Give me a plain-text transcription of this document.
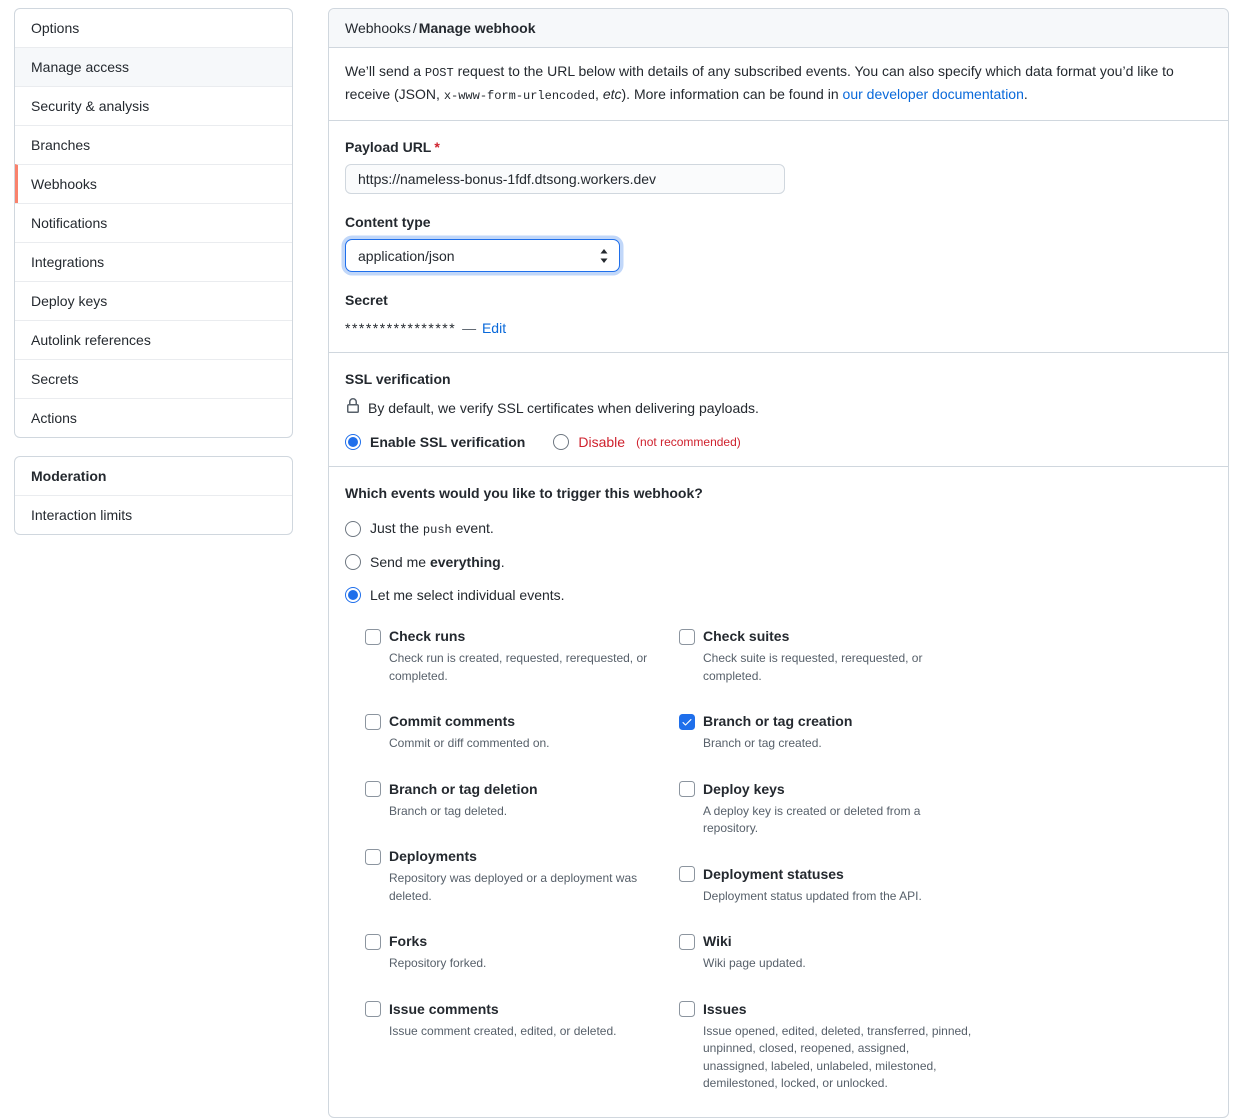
Options
Manage access
Security & analysis
Branches
Webhooks
Notifications
Integrations
Deploy keys
Autolink references
Secrets
Actions
Moderation
Interaction limits
Webhooks / Manage webhook
We’ll send a POST request to the URL below with details of any subscribed events. You can also specify which data format you’d like to receive (JSON, x-www-form-urlencoded, etc). More information can be found in our developer documentation.
Payload URL *
https://nameless-bonus-1fdf.dtsong.workers.dev
Content type
application/json
Secret
**************** — Edit
SSL verification
By default, we verify SSL certificates when delivering payloads.
Enable SSL verification	Disable (not recommended)
Which events would you like to trigger this webhook?
Just the push event.
Send me everything.
Let me select individual events.
Check runs
Check run is created, requested, rerequested, or completed.
Commit comments
Commit or diff commented on.
Branch or tag deletion
Branch or tag deleted.
Deployments
Repository was deployed or a deployment was deleted.
Forks
Repository forked.
Issue comments
Issue comment created, edited, or deleted.
Check suites
Check suite is requested, rerequested, or completed.
Branch or tag creation
Branch or tag created.
Deploy keys
A deploy key is created or deleted from a repository.
Deployment statuses
Deployment status updated from the API.
Wiki
Wiki page updated.
Issues
Issue opened, edited, deleted, transferred, pinned, unpinned, closed, reopened, assigned, unassigned, labeled, unlabeled, milestoned, demilestoned, locked, or unlocked.
